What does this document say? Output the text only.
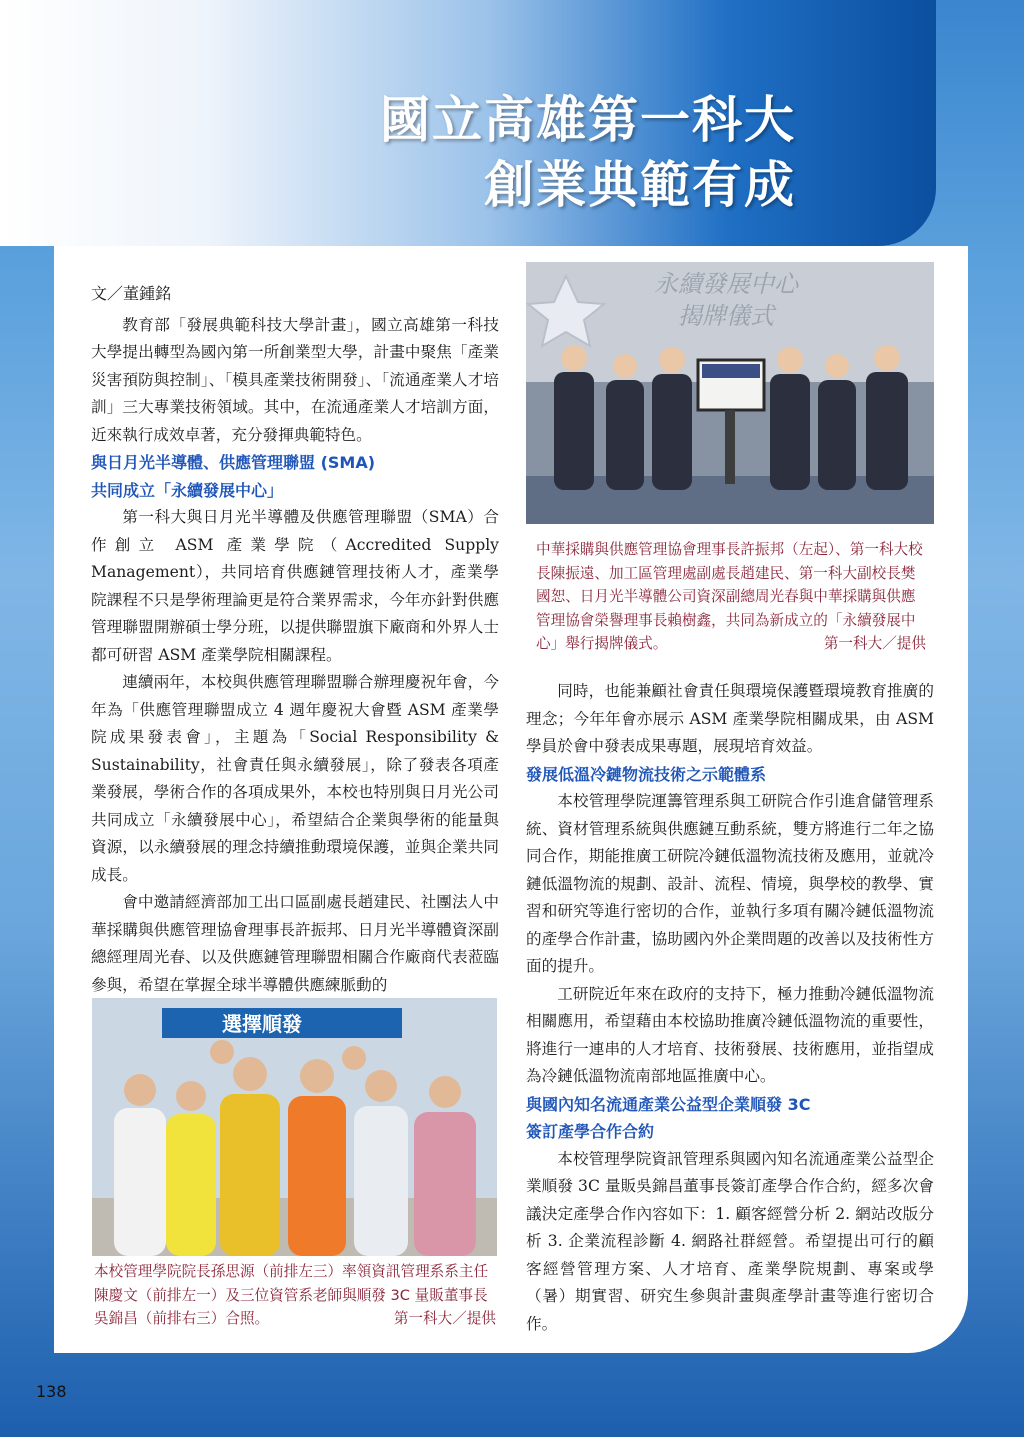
國立高雄第一科大
創業典範有成

文／董鍾銘

教育部「發展典範科技大學計畫」，國立高雄第一科技大學提出轉型為國內第一所創業型大學，計畫中聚焦「產業災害預防與控制」、「模具產業技術開發」、「流通產業人才培訓」三大專業技術領域。其中，在流通產業人才培訓方面，近來執行成效卓著，充分發揮典範特色。

與日月光半導體、供應管理聯盟 (SMA)
共同成立「永續發展中心」

第一科大與日月光半導體及供應管理聯盟（SMA）合作創立 ASM 產業學院（Accredited Supply Management），共同培育供應鏈管理技術人才，產業學院課程不只是學術理論更是符合業界需求，今年亦針對供應管理聯盟開辦碩士學分班，以提供聯盟旗下廠商和外界人士都可研習 ASM 產業學院相關課程。

連續兩年，本校與供應管理聯盟聯合辦理慶祝年會，今年為「供應管理聯盟成立 4 週年慶祝大會暨 ASM 產業學院成果發表會」，主題為「Social Responsibility & Sustainability，社會責任與永續發展」，除了發表各項產業發展，學術合作的各項成果外，本校也特別與日月光公司共同成立「永續發展中心」，希望結合企業與學術的能量與資源，以永續發展的理念持續推動環境保護，並與企業共同成長。

會中邀請經濟部加工出口區副處長趙建民、社團法人中華採購與供應管理協會理事長許振邦、日月光半導體資深副總經理周光春、以及供應鏈管理聯盟相關合作廠商代表蒞臨參與，希望在掌握全球半導體供應練脈動的

同時，也能兼顧社會責任與環境保護暨環境教育推廣的理念；今年年會亦展示 ASM 產業學院相關成果，由 ASM 學員於會中發表成果專題，展現培育效益。

發展低溫冷鏈物流技術之示範體系

本校管理學院運籌管理系與工研院合作引進倉儲管理系統、資材管理系統與供應鏈互動系統，雙方將進行二年之協同合作，期能推廣工研院冷鏈低溫物流技術及應用，並就冷鏈低溫物流的規劃、設計、流程、情境，與學校的教學、實習和研究等進行密切的合作，並執行多項有關冷鏈低溫物流的產學合作計畫，協助國內外企業問題的改善以及技術性方面的提升。

工研院近年來在政府的支持下，極力推動冷鏈低溫物流相關應用，希望藉由本校協助推廣冷鏈低溫物流的重要性，將進行一連串的人才培育、技術發展、技術應用，並指望成為冷鏈低溫物流南部地區推廣中心。

與國內知名流通產業公益型企業順發 3C
簽訂產學合作合約

本校管理學院資訊管理系與國內知名流通產業公益型企業順發 3C 量販吳錦昌董事長簽訂產學合作合約，經多次會議決定產學合作內容如下：1. 顧客經營分析 2. 網站改版分析 3. 企業流程診斷 4. 網路社群經營。希望提出可行的顧客經營管理方案、人才培育、產業學院規劃、專案或學（暑）期實習、研究生參與計畫與產學計畫等進行密切合作。

永續發展中心
揭牌儀式
中華採購與供應管理協會理事長許振邦（左起）、第一科大校長陳振遠、加工區管理處副處長趙建民、第一科大副校長樊國恕、日月光半導體公司資深副總周光春與中華採購與供應管理協會榮譽理事長賴樹鑫，共同為新成立的「永續發展中心」舉行揭牌儀式。	第一科大／提供
選擇順發
本校管理學院院長孫思源（前排左三）率領資訊管理系系主任陳慶文（前排左一）及三位資管系老師與順發 3C 量販董事長吳錦昌（前排右三）合照。	第一科大／提供
138
